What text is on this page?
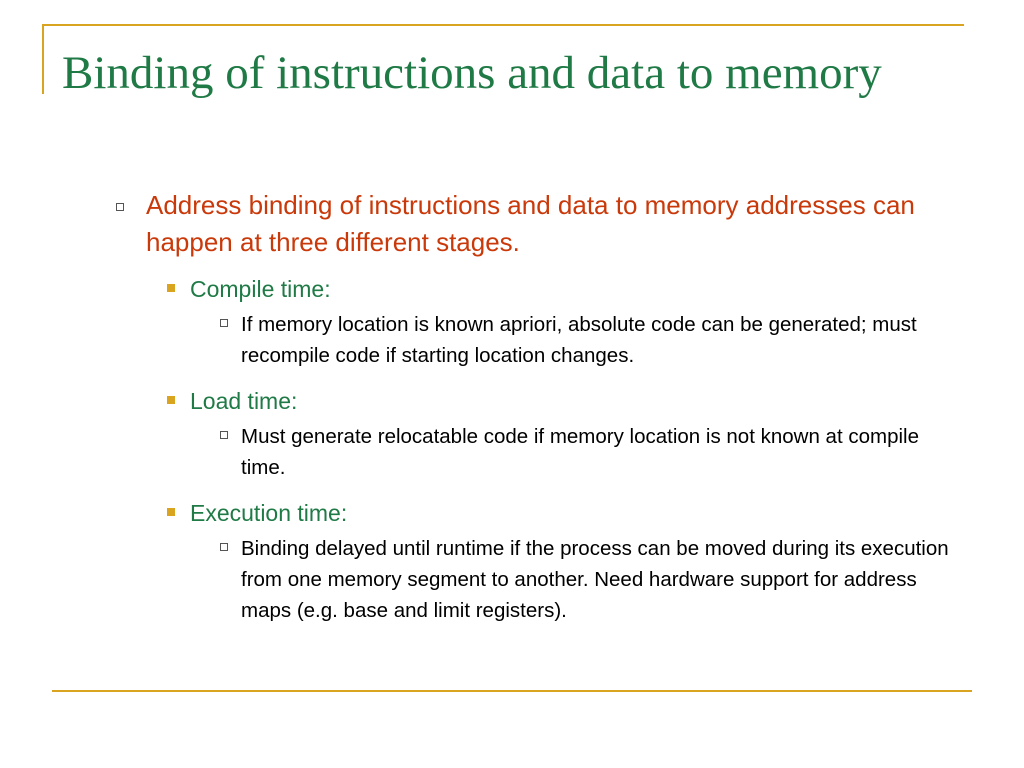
Binding of instructions and data to memory
Address binding of instructions and data to memory addresses can happen at three different stages.
Compile time:
If memory location is known apriori, absolute code can be generated; must recompile code if starting location changes.
Load time:
Must generate relocatable code if memory location is not known at compile time.
Execution time:
Binding delayed until runtime if the process can be moved during its execution from one memory segment to another. Need hardware support for address maps (e.g. base and limit registers).
